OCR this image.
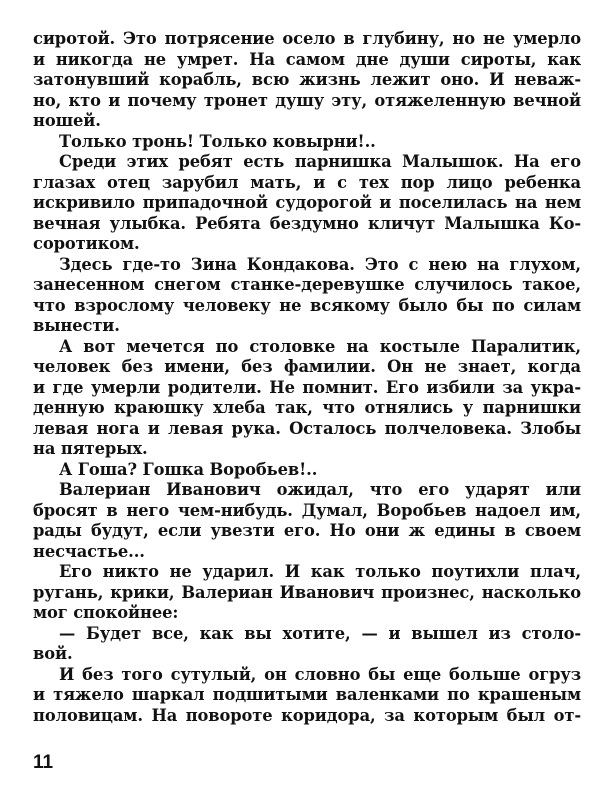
сиротой. Это потрясение осело в глубину, но не умерло
и никогда не умрет. На самом дне души сироты, как
затонувший корабль, всю жизнь лежит оно. И неваж-
но, кто и почему тронет душу эту, отяжеленную вечной
ношей.
Только тронь! Только ковырни!..
Среди этих ребят есть парнишка Малышок. На его
глазах отец зарубил мать, и с тех пор лицо ребенка
искривило припадочной судорогой и поселилась на нем
вечная улыбка. Ребята бездумно кличут Малышка Ко-
соротиком.
Здесь где-то Зина Кондакова. Это с нею на глухом,
занесенном снегом станке-деревушке случилось такое,
что взрослому человеку не всякому было бы по силам
вынести.
А вот мечется по столовке на костыле Паралитик,
человек без имени, без фамилии. Он не знает, когда
и где умерли родители. Не помнит. Его избили за укра-
денную краюшку хлеба так, что отнялись у парнишки
левая нога и левая рука. Осталось полчеловека. Злобы
на пятерых.
А Гоша? Гошка Воробьев!..
Валериан Иванович ожидал, что его ударят или
бросят в него чем-нибудь. Думал, Воробьев надоел им,
рады будут, если увезти его. Но они ж едины в своем
несчастье...
Его никто не ударил. И как только поутихли плач,
ругань, крики, Валериан Иванович произнес, насколько
мог спокойнее:
— Будет все, как вы хотите, — и вышел из столо-
вой.
И без того сутулый, он словно бы еще больше огруз
и тяжело шаркал подшитыми валенками по крашеным
половицам. На повороте коридора, за которым был от-
11
